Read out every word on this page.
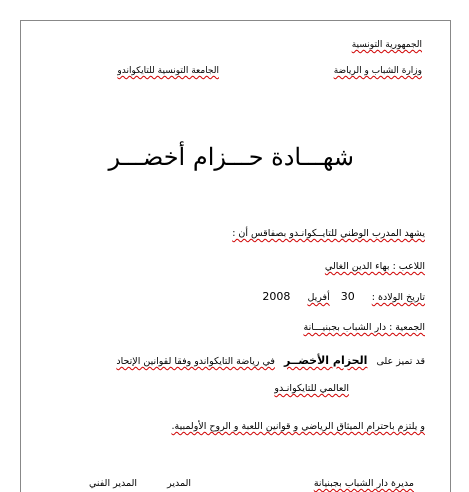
الجمهورية التونسية
وزارة الشباب و الرياضة
الجامعة التونسية للتايكواندو
شهـــادة حـــزام أخضـــر
يشهد المدرب الوطني للتايــكوانـدو بصفاقس أن :
اللاعب : بهاء الدين الغالي
تاريخ الولادة : 30 أفريل 2008
الجمعية : دار الشباب بجبنيـــانة
قد تميز على الحزام الأخضــر في رياضة التايكواندو وفقا لقوانين الإتحاد
العالمي للتايكوانـدو
و يلتزم باحترام الميثاق الرياضي و قوانين اللعبة و الروح الأولمبية.
مديرة دار الشباب بجبنيانة
المدير
المدير الفني
